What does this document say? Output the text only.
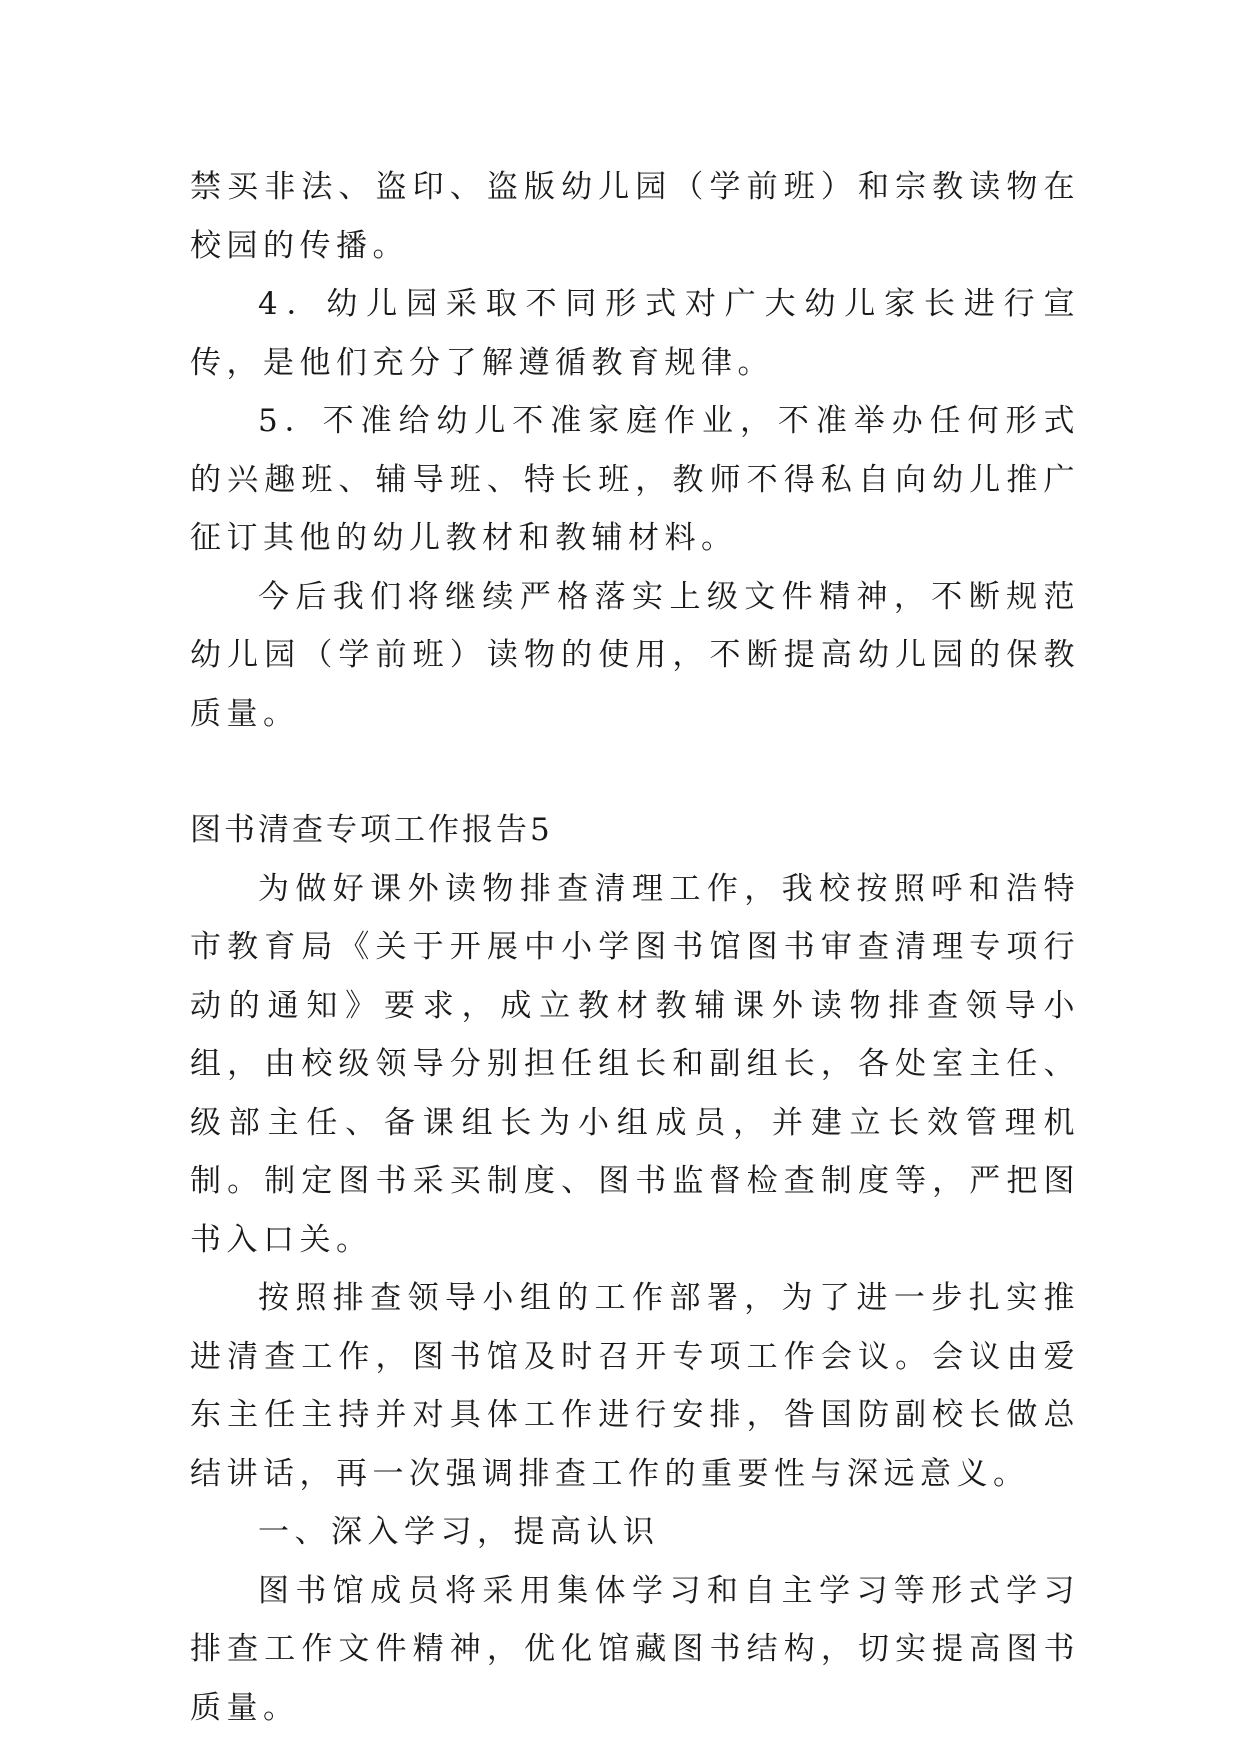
禁买非法、盗印、盗版幼儿园（学前班）和宗教读物在校园的传播。

4．幼儿园采取不同形式对广大幼儿家长进行宣传，是他们充分了解遵循教育规律。

5．不准给幼儿不准家庭作业，不准举办任何形式的兴趣班、辅导班、特长班，教师不得私自向幼儿推广征订其他的幼儿教材和教辅材料。

今后我们将继续严格落实上级文件精神，不断规范幼儿园（学前班）读物的使用，不断提高幼儿园的保教质量。

图书清查专项工作报告5

为做好课外读物排查清理工作，我校按照呼和浩特市教育局《关于开展中小学图书馆图书审查清理专项行动的通知》要求，成立教材教辅课外读物排查领导小组，由校级领导分别担任组长和副组长，各处室主任、级部主任、备课组长为小组成员，并建立长效管理机制。制定图书采买制度、图书监督检查制度等，严把图书入口关。

按照排查领导小组的工作部署，为了进一步扎实推进清查工作，图书馆及时召开专项工作会议。会议由爱东主任主持并对具体工作进行安排，昝国防副校长做总结讲话，再一次强调排查工作的重要性与深远意义。

一、深入学习，提高认识

图书馆成员将采用集体学习和自主学习等形式学习排查工作文件精神，优化馆藏图书结构，切实提高图书质量。
